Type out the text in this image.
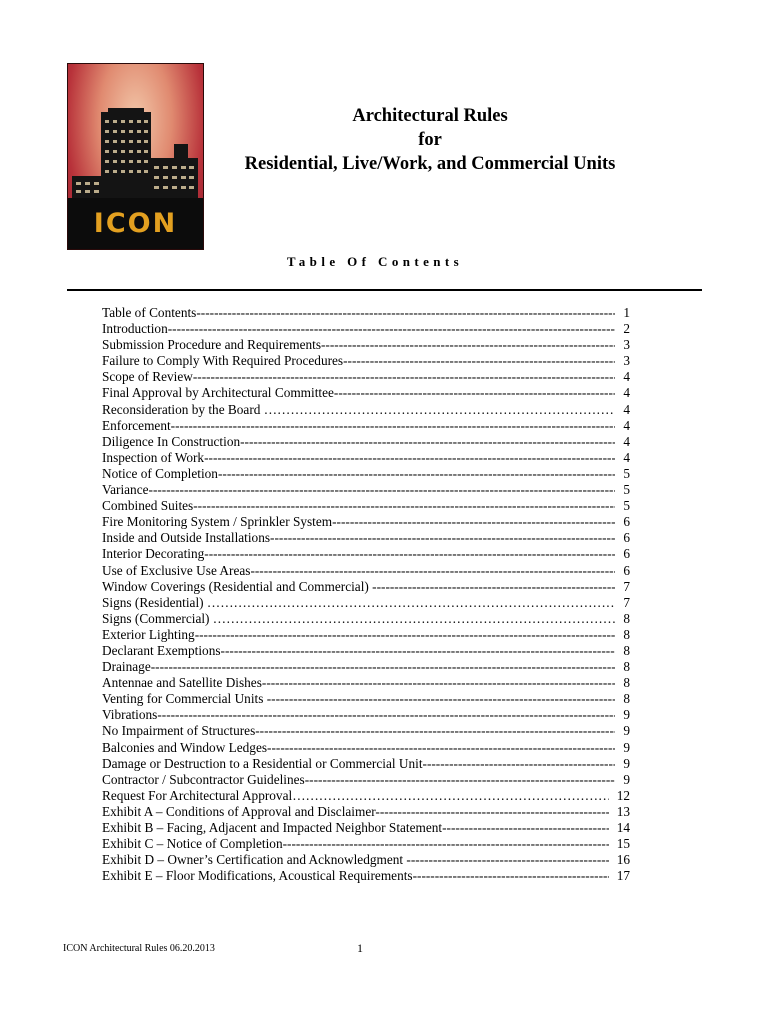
ICON
Architectural Rules
for
Residential, Live/Work, and Commercial Units
Table Of Contents
Table of Contents -----	1
Introduction -----	2
Submission Procedure and Requirements -----	3
Failure to Comply With Required Procedures -----	3
Scope of Review -----	4
Final Approval by Architectural Committee -----	4
Reconsideration by the Board ……………………………………………………………………………………………………………………	4
Enforcement -----	4
Diligence In Construction -----	4
Inspection of Work -----	4
Notice of Completion -----	5
Variance -----	5
Combined Suites -----	5
Fire Monitoring System / Sprinkler System -----	6
Inside and Outside Installations -----	6
Interior Decorating -----	6
Use of Exclusive Use Areas -----	6
Window Coverings (Residential and Commercial) -----	7
Signs (Residential) ……………………………………………………………………………………………………………………	7
Signs (Commercial) ……………………………………………………………………………………………………………………	8
Exterior Lighting -----	8
Declarant Exemptions -----	8
Drainage -----	8
Antennae and Satellite Dishes -----	8
Venting for Commercial Units -----	8
Vibrations -----	9
No Impairment of Structures -----	9
Balconies and Window Ledges -----	9
Damage or Destruction to a Residential or Commercial Unit -----	9
Contractor / Subcontractor Guidelines -----	9
Request For Architectural Approval ……………………………………………………………………………………………………………………	12
Exhibit A – Conditions of Approval and Disclaimer -----	13
Exhibit B – Facing, Adjacent and Impacted Neighbor Statement -----	14
Exhibit C – Notice of Completion -----	15
Exhibit D – Owner’s Certification and Acknowledgment -----	16
Exhibit E – Floor Modifications, Acoustical Requirements -----	17
ICON Architectural Rules 06.20.2013	1
